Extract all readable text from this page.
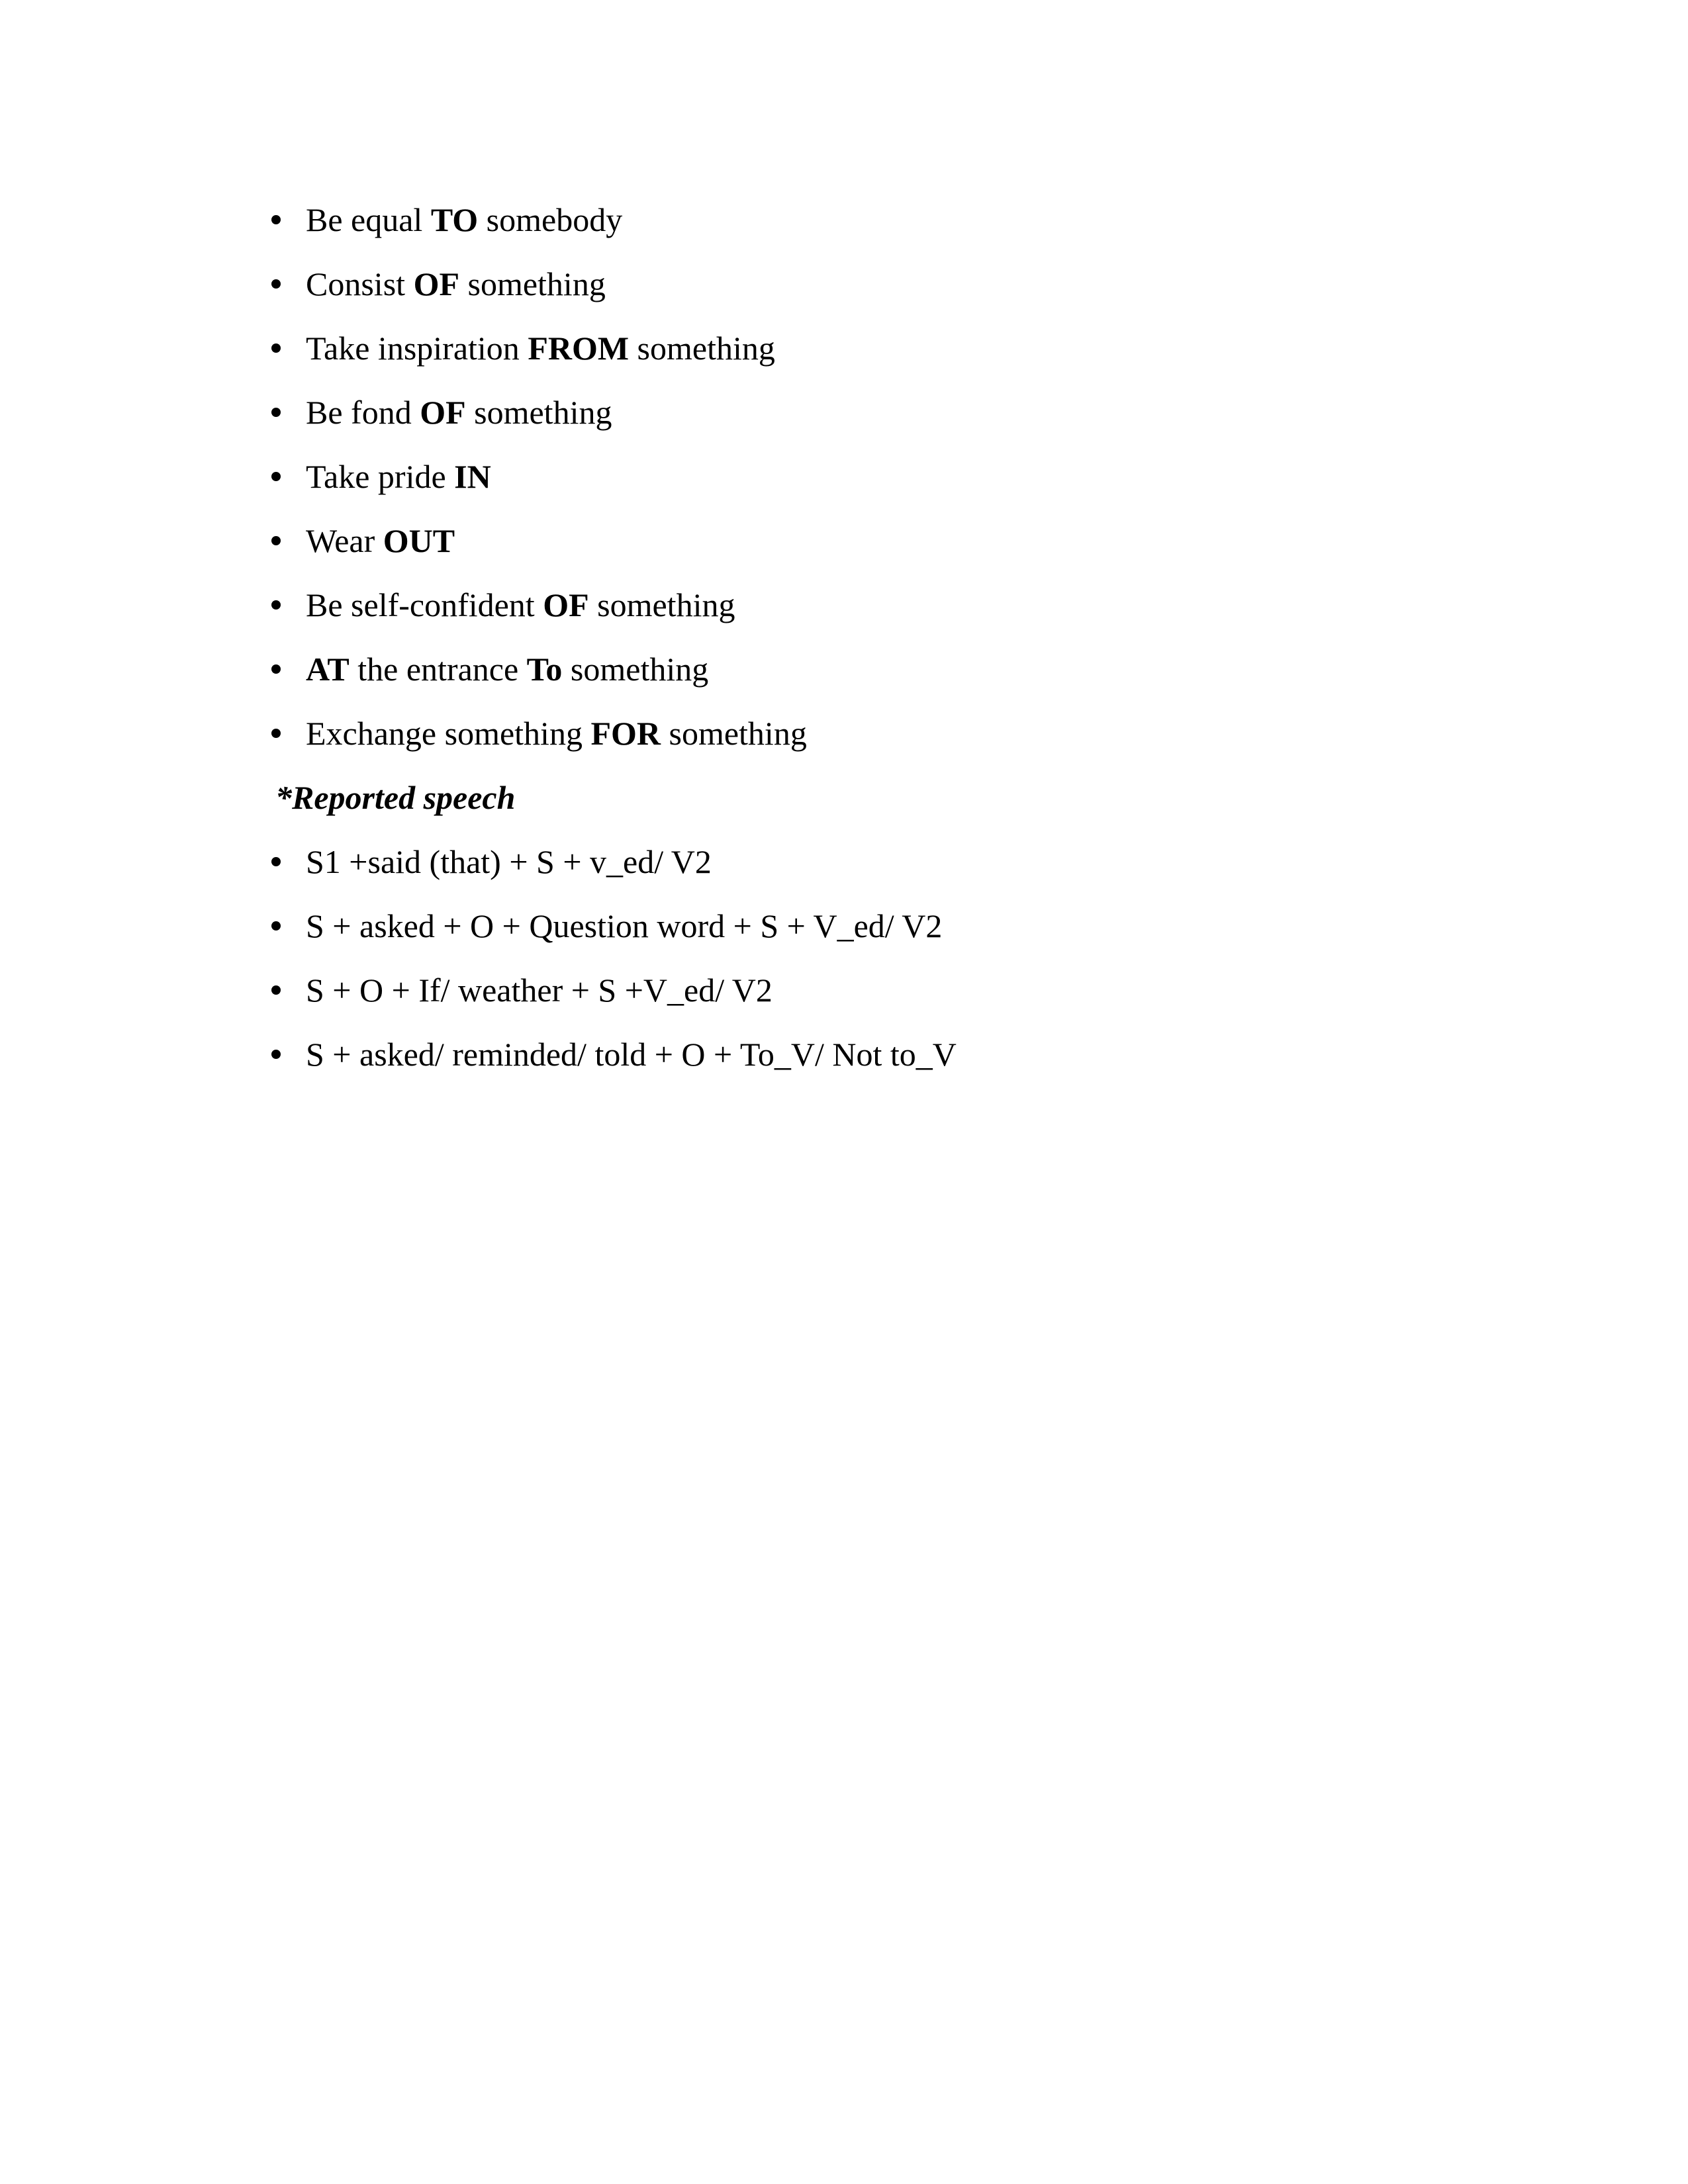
Be equal TO somebody
Consist OF something
Take inspiration FROM something
Be fond OF something
Take pride IN
Wear OUT
Be self-confident OF something
AT the entrance To something
Exchange something FOR something
*Reported speech
S1 +said (that) + S + v_ed/ V2
S + asked + O + Question word + S + V_ed/ V2
S + O + If/ weather + S +V_ed/ V2
S + asked/ reminded/ told + O + To_V/ Not to_V
